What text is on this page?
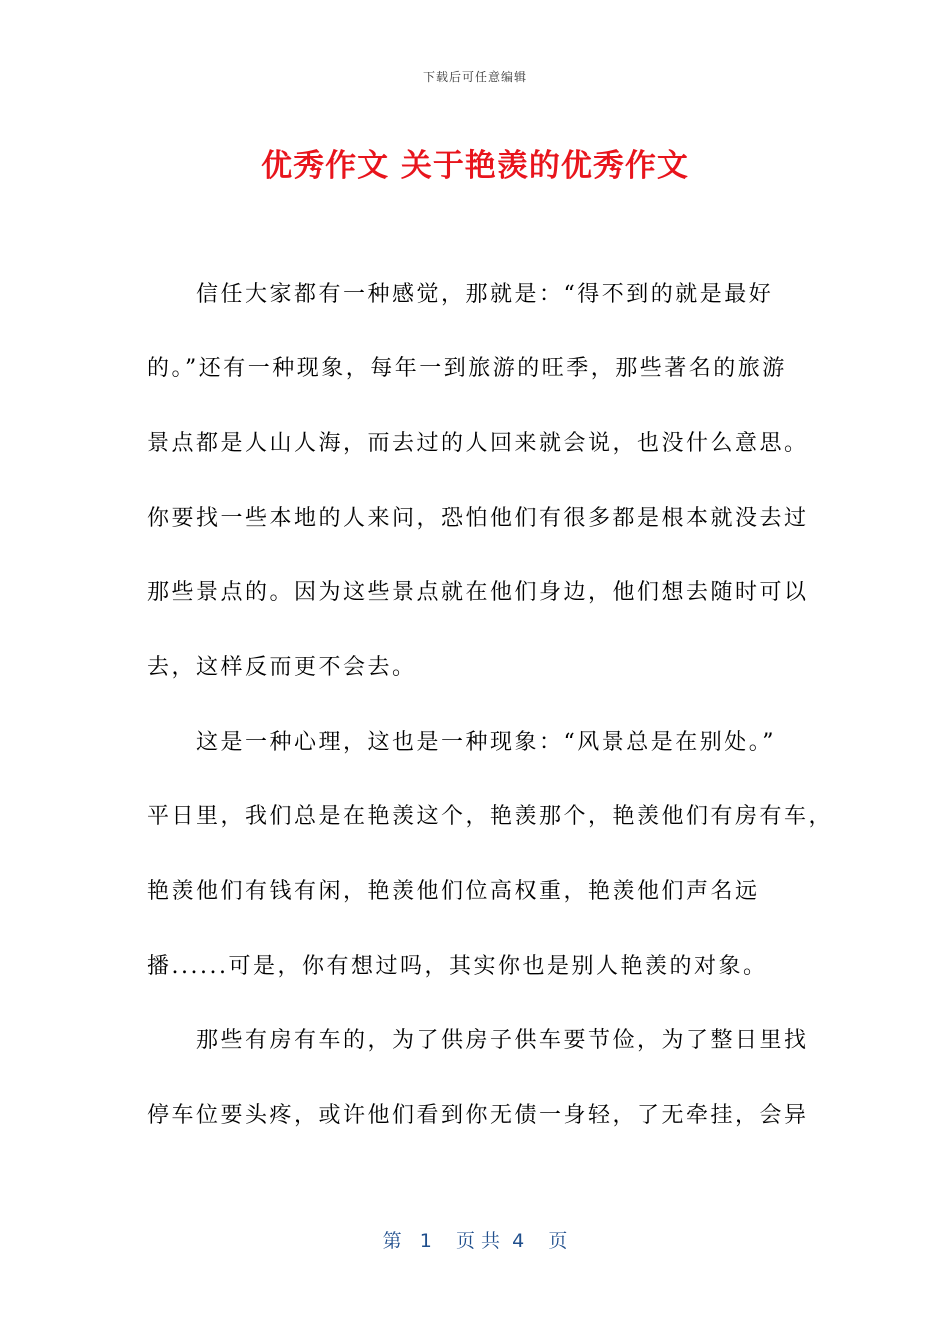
下载后可任意编辑
优秀作文 关于艳羡的优秀作文
　　信任大家都有一种感觉，那就是：“得不到的就是最好
的。”还有一种现象，每年一到旅游的旺季，那些著名的旅游
景点都是人山人海，而去过的人回来就会说，也没什么意思。
你要找一些本地的人来问，恐怕他们有很多都是根本就没去过
那些景点的。因为这些景点就在他们身边，他们想去随时可以
去，这样反而更不会去。
　　这是一种心理，这也是一种现象：“风景总是在别处。”
平日里，我们总是在艳羡这个，艳羡那个，艳羡他们有房有车，
艳羡他们有钱有闲，艳羡他们位高权重，艳羡他们声名远
播......可是，你有想过吗，其实你也是别人艳羡的对象。
　　那些有房有车的，为了供房子供车要节俭，为了整日里找
停车位要头疼，或许他们看到你无债一身轻，了无牵挂，会异
第   1    页 共  4    页
